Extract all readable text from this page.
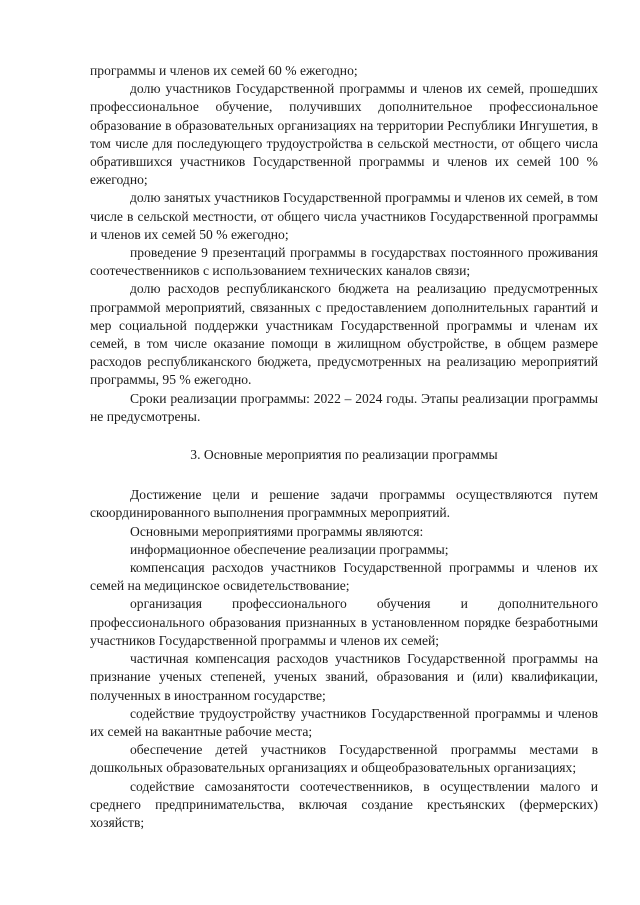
программы и членов их семей 60 % ежегодно;

долю участников Государственной программы и членов их семей, прошедших профессиональное обучение, получивших дополнительное профессиональное образование в образовательных организациях на территории Республики Ингушетия, в том числе для последующего трудоустройства в сельской местности, от общего числа обратившихся участников Государственной программы и членов их семей 100 % ежегодно;

долю занятых участников Государственной программы и членов их семей, в том числе в сельской местности, от общего числа участников Государственной программы и членов их семей 50 % ежегодно;

проведение 9 презентаций программы в государствах постоянного проживания соотечественников с использованием технических каналов связи;

долю расходов республиканского бюджета на реализацию предусмотренных программой мероприятий, связанных с предоставлением дополнительных гарантий и мер социальной поддержки участникам Государственной программы и членам их семей, в том числе оказание помощи в жилищном обустройстве, в общем размере расходов республиканского бюджета, предусмотренных на реализацию мероприятий программы, 95 % ежегодно.

Сроки реализации программы: 2022 – 2024 годы. Этапы реализации программы не предусмотрены.

3. Основные мероприятия по реализации программы

Достижение цели и решение задачи программы осуществляются путем скоординированного выполнения программных мероприятий.

Основными мероприятиями программы являются:

информационное обеспечение реализации программы;

компенсация расходов участников Государственной программы и членов их семей на медицинское освидетельствование;

организация профессионального обучения и дополнительного профессионального образования признанных в установленном порядке безработными участников Государственной программы и членов их семей;

частичная компенсация расходов участников Государственной программы на признание ученых степеней, ученых званий, образования и (или) квалификации, полученных в иностранном государстве;

содействие трудоустройству участников Государственной программы и членов их семей на вакантные рабочие места;

обеспечение детей участников Государственной программы местами в дошкольных образовательных организациях и общеобразовательных организациях;

содействие самозанятости соотечественников, в осуществлении малого и среднего предпринимательства, включая создание крестьянских (фермерских) хозяйств;
